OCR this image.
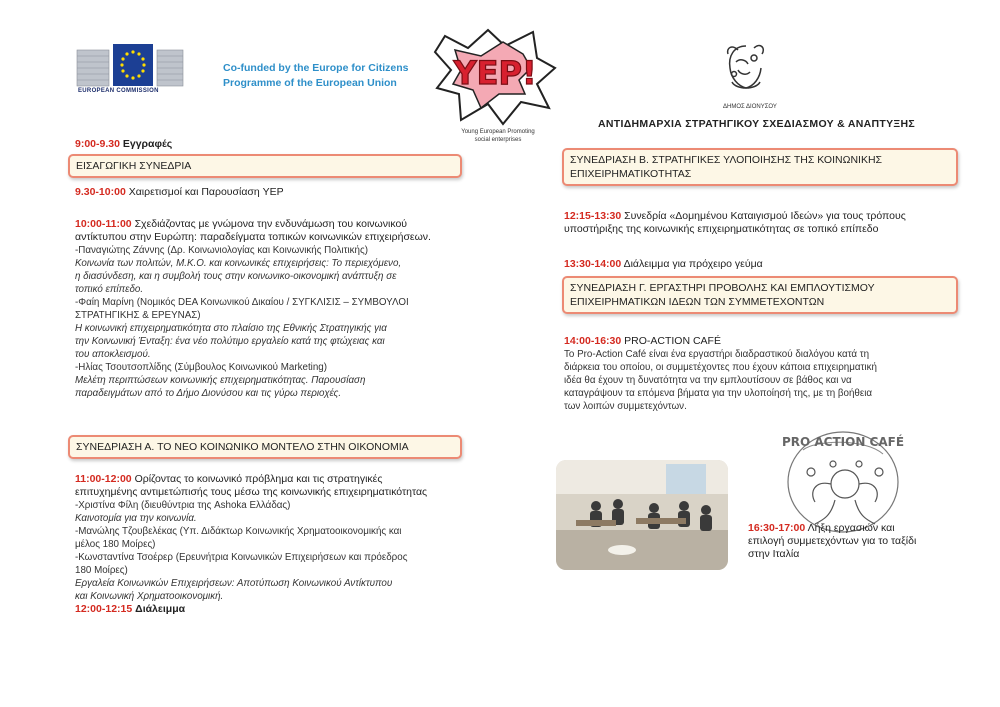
EUROPEAN COMMISSION
Co-funded by the Europe for Citizens
Programme of the European Union	YEP!
Young European Promoting
social enterprises
ΔΗΜΟΣ ΔΙΟΝΥΣΟΥ
ΑΝΤΙΔΗΜΑΡΧΙΑ ΣΤΡΑΤΗΓΙΚΟΥ ΣΧΕΔΙΑΣΜΟΥ & ΑΝΑΠΤΥΞΗΣ
9:00-9.30 Εγγραφές
ΕΙΣΑΓΩΓΙΚΗ ΣΥΝΕΔΡΙΑ
9.30-10:00 Χαιρετισμοί και Παρουσίαση YEP
10:00-11:00 Σχεδιάζοντας με γνώμονα την ενδυνάμωση του κοινωνικού
αντίκτυπου στην Ευρώπη: παραδείγματα τοπικών κοινωνικών επιχειρήσεων.
-Παναγιώτης Ζάννης (Δρ. Κοινωνιολογίας και Κοινωνικής Πολιτικής)
Κοινωνία των πολιτών, Μ.Κ.Ο. και κοινωνικές επιχειρήσεις: Το περιεχόμενο,
η διασύνδεση, και η συμβολή τους στην κοινωνικο-οικονομική ανάπτυξη σε
τοπικό επίπεδο.
-Φαίη Μαρίνη (Νομικός DEA Κοινωνικού Δικαίου / ΣΥΓΚΛΙΣΙΣ – ΣΥΜΒΟΥΛΟΙ
ΣΤΡΑΤΗΓΙΚΗΣ & ΕΡΕΥΝΑΣ)
Η κοινωνική επιχειρηματικότητα στο πλαίσιο της Εθνικής Στρατηγικής για
την Κοινωνική Ένταξη: ένα νέο πολύτιμο εργαλείο κατά της φτώχειας και
του αποκλεισμού.
-Ηλίας Τσουτσοπλίδης (Σύμβουλος Κοινωνικού Marketing)
Μελέτη περιπτώσεων κοινωνικής επιχειρηματικότητας. Παρουσίαση
παραδειγμάτων από το Δήμο Διονύσου και τις γύρω περιοχές.
ΣΥΝΕΔΡΙΑΣΗ Α. ΤΟ ΝΕΟ ΚΟΙΝΩΝΙΚΟ ΜΟΝΤΕΛΟ ΣΤΗΝ ΟΙΚΟΝΟΜΙΑ
11:00-12:00 Ορίζοντας το κοινωνικό πρόβλημα και τις στρατηγικές
επιτυχημένης αντιμετώπισής τους μέσω της κοινωνικής επιχειρηματικότητας
-Χριστίνα Φίλη (διευθύντρια της Ashoka Ελλάδας)
Καινοτομία για την κοινωνία.
-Μανώλης Τζουβελέκας (Υπ. Διδάκτωρ Κοινωνικής Χρηματοοικονομικής και
μέλος 180 Μοίρες)
-Κωνσταντίνα Τσοέρερ (Ερευνήτρια Κοινωνικών Επιχειρήσεων και πρόεδρος
180 Μοίρες)
Εργαλεία Κοινωνικών Επιχειρήσεων: Αποτύπωση Κοινωνικού Αντίκτυπου
και Κοινωνική Χρηματοοικονομική.
12:00-12:15 Διάλειμμα
ΣΥΝΕΔΡΙΑΣΗ Β. ΣΤΡΑΤΗΓΙΚΕΣ ΥΛΟΠΟΙΗΣΗΣ ΤΗΣ ΚΟΙΝΩΝΙΚΗΣ
ΕΠΙΧΕΙΡΗΜΑΤΙΚΟΤΗΤΑΣ
12:15-13:30 Συνεδρία «Δομημένου Καταιγισμού Ιδεών» για τους τρόπους
υποστήριξης της κοινωνικής επιχειρηματικότητας σε τοπικό επίπεδο
13:30-14:00 Διάλειμμα για πρόχειρο γεύμα
ΣΥΝΕΔΡΙΑΣΗ Γ. ΕΡΓΑΣΤΗΡΙ ΠΡΟΒΟΛΗΣ ΚΑΙ ΕΜΠΛΟΥΤΙΣΜΟΥ
ΕΠΙΧΕΙΡΗΜΑΤΙΚΩΝ ΙΔΕΩΝ ΤΩΝ ΣΥΜΜΕΤΕΧΟΝΤΩΝ
14:00-16:30 PRO-ACTION CAFÉ
Το Pro-Action Café είναι ένα εργαστήρι διαδραστικού διαλόγου κατά τη
διάρκεια του οποίου, οι συμμετέχοντες που έχουν κάποια επιχειρηματική
ιδέα θα έχουν τη δυνατότητα να την εμπλουτίσουν σε βάθος και να
καταγράψουν τα επόμενα βήματα για την υλοποίησή της, με τη βοήθεια
των λοιπών συμμετεχόντων.
PRO ACTION CAFÉ
16:30-17:00 Λήξη εργασιών και
επιλογή συμμετεχόντων για το ταξίδι
στην Ιταλία
